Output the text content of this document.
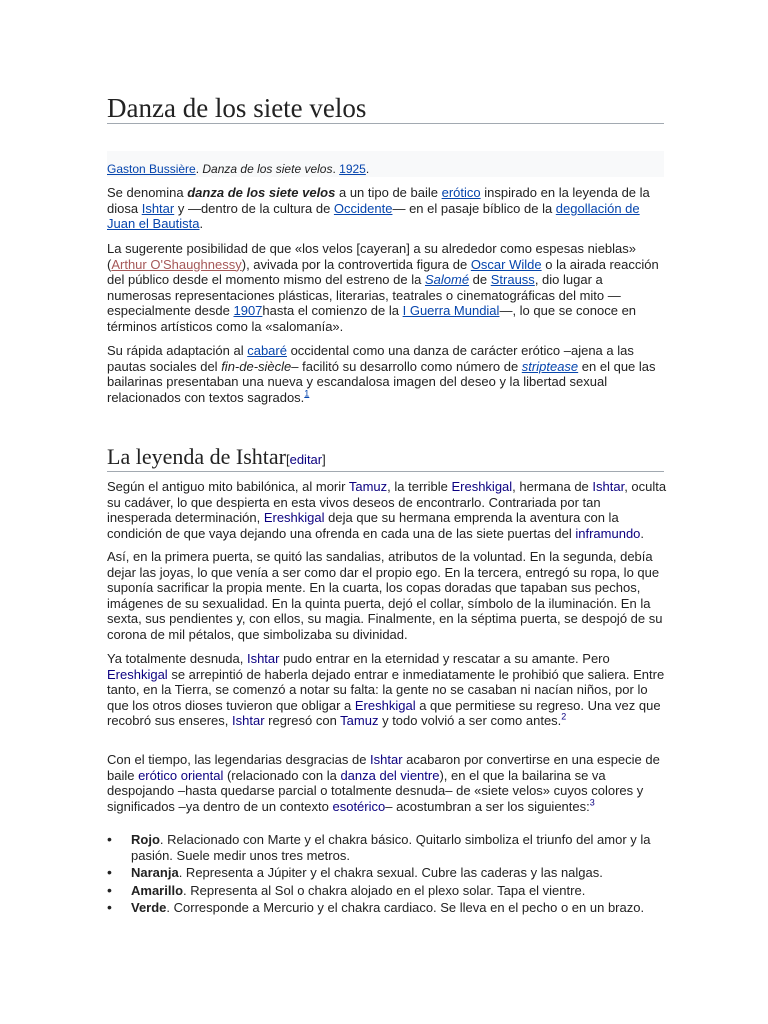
Danza de los siete velos
Gaston Bussière. Danza de los siete velos. 1925.

Se denomina danza de los siete velos a un tipo de baile erótico inspirado en la leyenda de la diosa Ishtar y —dentro de la cultura de Occidente— en el pasaje bíblico de la degollación de Juan el Bautista.

La sugerente posibilidad de que «los velos [cayeran] a su alrededor como espesas nieblas» (Arthur O'Shaughnessy), avivada por la controvertida figura de Oscar Wilde o la airada reacción del público desde el momento mismo del estreno de la Salomé de Strauss, dio lugar a numerosas representaciones plásticas, literarias, teatrales o cinematográficas del mito —especialmente desde 1907hasta el comienzo de la I Guerra Mundial—, lo que se conoce en términos artísticos como la «salomanía».

Su rápida adaptación al cabaré occidental como una danza de carácter erótico –ajena a las pautas sociales del fin-de-siècle– facilitó su desarrollo como número de striptease en el que las bailarinas presentaban una nueva y escandalosa imagen del deseo y la libertad sexual relacionados con textos sagrados.$^1$

La leyenda de Ishtar[editar]

Según el antiguo mito babilónica, al morir Tamuz, la terrible Ereshkigal, hermana de Ishtar, oculta su cadáver, lo que despierta en esta vivos deseos de encontrarlo. Contrariada por tan inesperada determinación, Ereshkigal deja que su hermana emprenda la aventura con la condición de que vaya dejando una ofrenda en cada una de las siete puertas del inframundo.

Así, en la primera puerta, se quitó las sandalias, atributos de la voluntad. En la segunda, debía dejar las joyas, lo que venía a ser como dar el propio ego. En la tercera, entregó su ropa, lo que suponía sacrificar la propia mente. En la cuarta, los copas doradas que tapaban sus pechos, imágenes de su sexualidad. En la quinta puerta, dejó el collar, símbolo de la iluminación. En la sexta, sus pendientes y, con ellos, su magia. Finalmente, en la séptima puerta, se despojó de su corona de mil pétalos, que simbolizaba su divinidad.

Ya totalmente desnuda, Ishtar pudo entrar en la eternidad y rescatar a su amante. Pero Ereshkigal se arrepintió de haberla dejado entrar e inmediatamente le prohibió que saliera. Entre tanto, en la Tierra, se comenzó a notar su falta: la gente no se casaban ni nacían niños, por lo que los otros dioses tuvieron que obligar a Ereshkigal a que permitiese su regreso. Una vez que recobró sus enseres, Ishtar regresó con Tamuz y todo volvió a ser como antes.$^2$

Con el tiempo, las legendarias desgracias de Ishtar acabaron por convertirse en una especie de baile erótico oriental (relacionado con la danza del vientre), en el que la bailarina se va despojando –hasta quedarse parcial o totalmente desnuda– de «siete velos» cuyos colores y significados –ya dentro de un contexto esotérico– acostumbran a ser los siguientes:$^3$

• Rojo. Relacionado con Marte y el chakra básico. Quitarlo simboliza el triunfo del amor y la pasión. Suele medir unos tres metros.
• Naranja. Representa a Júpiter y el chakra sexual. Cubre las caderas y las nalgas.
• Amarillo. Representa al Sol o chakra alojado en el plexo solar. Tapa el vientre.
• Verde. Corresponde a Mercurio y el chakra cardiaco. Se lleva en el pecho o en un brazo.
